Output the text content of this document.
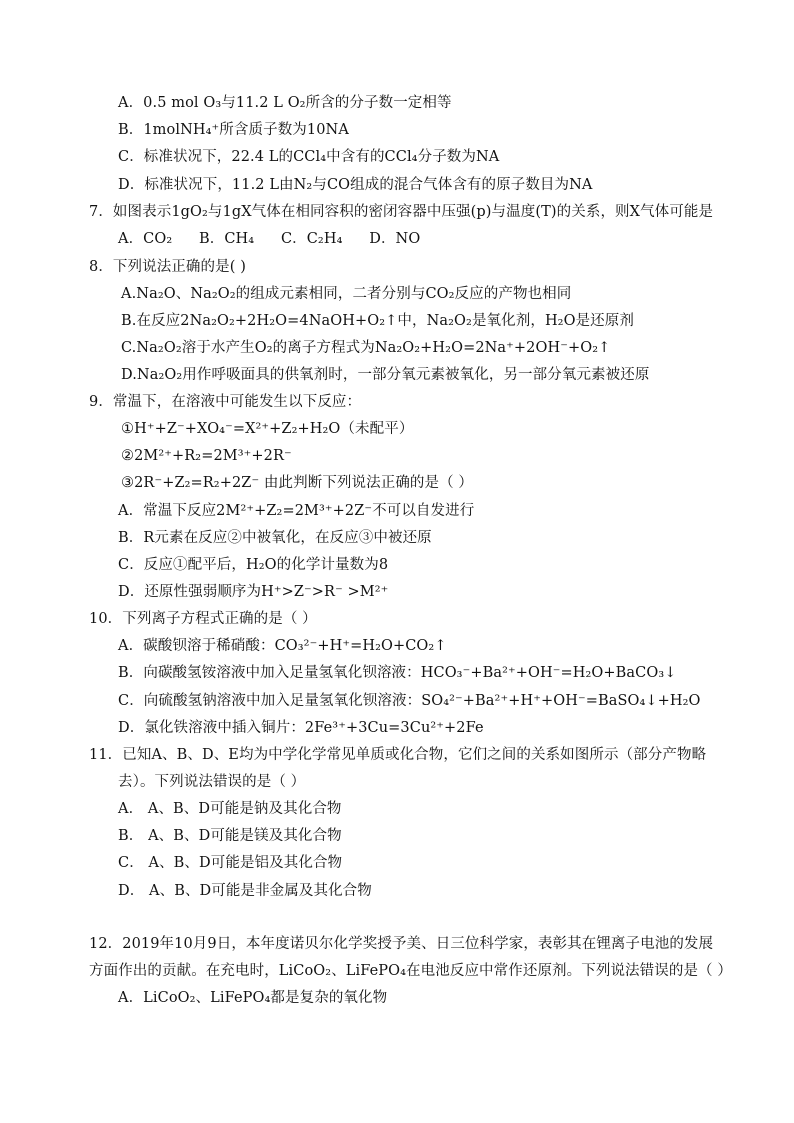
A．0.5 mol O₃与11.2 L O₂所含的分子数一定相等
B．1molNH₄⁺所含质子数为10NA
C．标准状况下，22.4 L的CCl₄中含有的CCl₄分子数为NA
D．标准状况下，11.2 L由N₂与CO组成的混合气体含有的原子数目为NA
7．如图表示1gO₂与1gX气体在相同容积的密闭容器中压强(p)与温度(T)的关系，则X气体可能是
A．CO₂ B．CH₄ C．C₂H₄ D．NO
8．下列说法正确的是( )
A.Na₂O、Na₂O₂的组成元素相同，二者分别与CO₂反应的产物也相同
B.在反应2Na₂O₂+2H₂O=4NaOH+O₂↑中，Na₂O₂是氧化剂，H₂O是还原剂
C.Na₂O₂溶于水产生O₂的离子方程式为Na₂O₂+H₂O=2Na⁺+2OH⁻+O₂↑
D.Na₂O₂用作呼吸面具的供氧剂时，一部分氧元素被氧化，另一部分氧元素被还原
9．常温下，在溶液中可能发生以下反应：
①H⁺+Z⁻+XO₄⁻=X²⁺+Z₂+H₂O（未配平）
②2M²⁺+R₂=2M³⁺+2R⁻
③2R⁻+Z₂=R₂+2Z⁻ 由此判断下列说法正确的是（ ）
A．常温下反应2M²⁺+Z₂=2M³⁺+2Z⁻不可以自发进行
B．R元素在反应②中被氧化，在反应③中被还原
C．反应①配平后，H₂O的化学计量数为8
D．还原性强弱顺序为H⁺>Z⁻>R⁻ >M²⁺
10．下列离子方程式正确的是（ ）
A．碳酸钡溶于稀硝酸：CO₃²⁻+H⁺=H₂O+CO₂↑
B．向碳酸氢铵溶液中加入足量氢氧化钡溶液：HCO₃⁻+Ba²⁺+OH⁻=H₂O+BaCO₃↓
C．向硫酸氢钠溶液中加入足量氢氧化钡溶液：SO₄²⁻+Ba²⁺+H⁺+OH⁻=BaSO₄↓+H₂O
D．氯化铁溶液中插入铜片：2Fe³⁺+3Cu=3Cu²⁺+2Fe
11．已知A、B、D、E均为中学化学常见单质或化合物，它们之间的关系如图所示（部分产物略
去）。下列说法错误的是（ ）
A． A、B、D可能是钠及其化合物
B． A、B、D可能是镁及其化合物
C． A、B、D可能是铝及其化合物
D． A、B、D可能是非金属及其化合物
12．2019年10月9日，本年度诺贝尔化学奖授予美、日三位科学家，表彰其在锂离子电池的发展
方面作出的贡献。在充电时，LiCoO₂、LiFePO₄在电池反应中常作还原剂。下列说法错误的是（ ）
A．LiCoO₂、LiFePO₄都是复杂的氧化物
